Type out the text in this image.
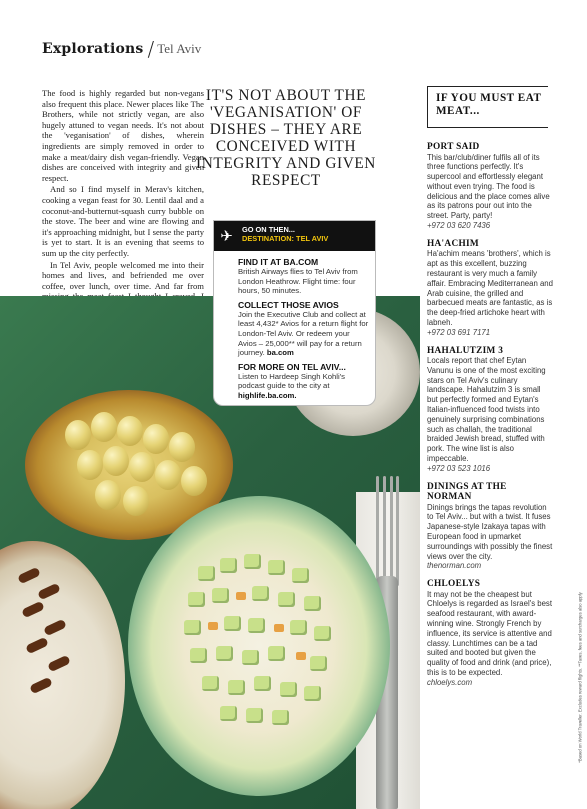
Explorations / Tel Aviv

The food is highly regarded but non-vegans also frequent this place. Newer places like The Brothers, while not strictly vegan, are also hugely attuned to vegan needs. It's not about the 'veganisation' of dishes, wherein ingredients are simply removed in order to make a meat/dairy dish vegan-friendly. Vegan dishes are conceived with integrity and given respect.

And so I find myself in Merav's kitchen, cooking a vegan feast for 30. Lentil daal and a coconut-and-butternut-squash curry bubble on the stove. The beer and wine are flowing and it's approaching midnight, but I sense the party is yet to start. It is an evening that seems to sum up the city perfectly.

In Tel Aviv, people welcomed me into their homes and lives, and befriended me over coffee, over lunch, over time. And far from

IT'S NOT ABOUT THE 'VEGANISATION' OF DISHES – THEY ARE CONCEIVED WITH INTEGRITY AND GIVEN RESPECT
✈	GO ON THEN...
DESTINATION: TEL AVIV
FIND IT AT BA.COM

British Airways flies to Tel Aviv from London Heathrow. Flight time: four hours, 50 minutes.

COLLECT THOSE AVIOS

Join the Executive Club and collect at least 4,432* Avios for a return flight for London-Tel Aviv. Or redeem your Avios – 25,000** will pay for a return journey. ba.com

FOR MORE ON TEL AVIV...

Listen to Hardeep Singh Kohli's podcast guide to the city at highlife.ba.com.

IF YOU MUST EAT MEAT...
PORT SAID

This bar/club/diner fulfils all of its three functions perfectly. It's supercool and effortlessly elegant without even trying. The food is delicious and the place comes alive as its patrons pour out into the street. Party, party!
+972 03 620 7436

HA'ACHIM

Ha'achim means 'brothers', which is apt as this excellent, buzzing restaurant is very much a family affair. Embracing Mediterranean and Arab cuisine, the grilled and barbecued meats are fantastic, as is the deep-fried artichoke heart with labneh.
+972 03 691 7171

HAHALUTZIM 3

Locals report that chef Eytan Vanunu is one of the most exciting stars on Tel Aviv's culinary landscape. Hahalutzim 3 is small but perfectly formed and Eytan's Italian-influenced food twists into genuinely surprising combinations such as challah, the traditional braided Jewish bread, stuffed with pork. The wine list is also impeccable.
+972 03 523 1016

DININGS AT THE NORMAN

Dinings brings the tapas revolution to Tel Aviv... but with a twist. It fuses Japanese-style Izakaya tapas with European food in upmarket surroundings with possibly the finest views over the city.
thenorman.com

CHLOELYS

It may not be the cheapest but Chloelys is regarded as Israel's best seafood restaurant, with award-winning wine. Strongly French by influence, its service is attentive and classy. Lunchtimes can be a tad suited and booted but given the quality of food and drink (and price), this is to be expected.
chloelys.com	*Based on World Traveller. Excludes reward flights. **Taxes, fees and surcharges also apply
